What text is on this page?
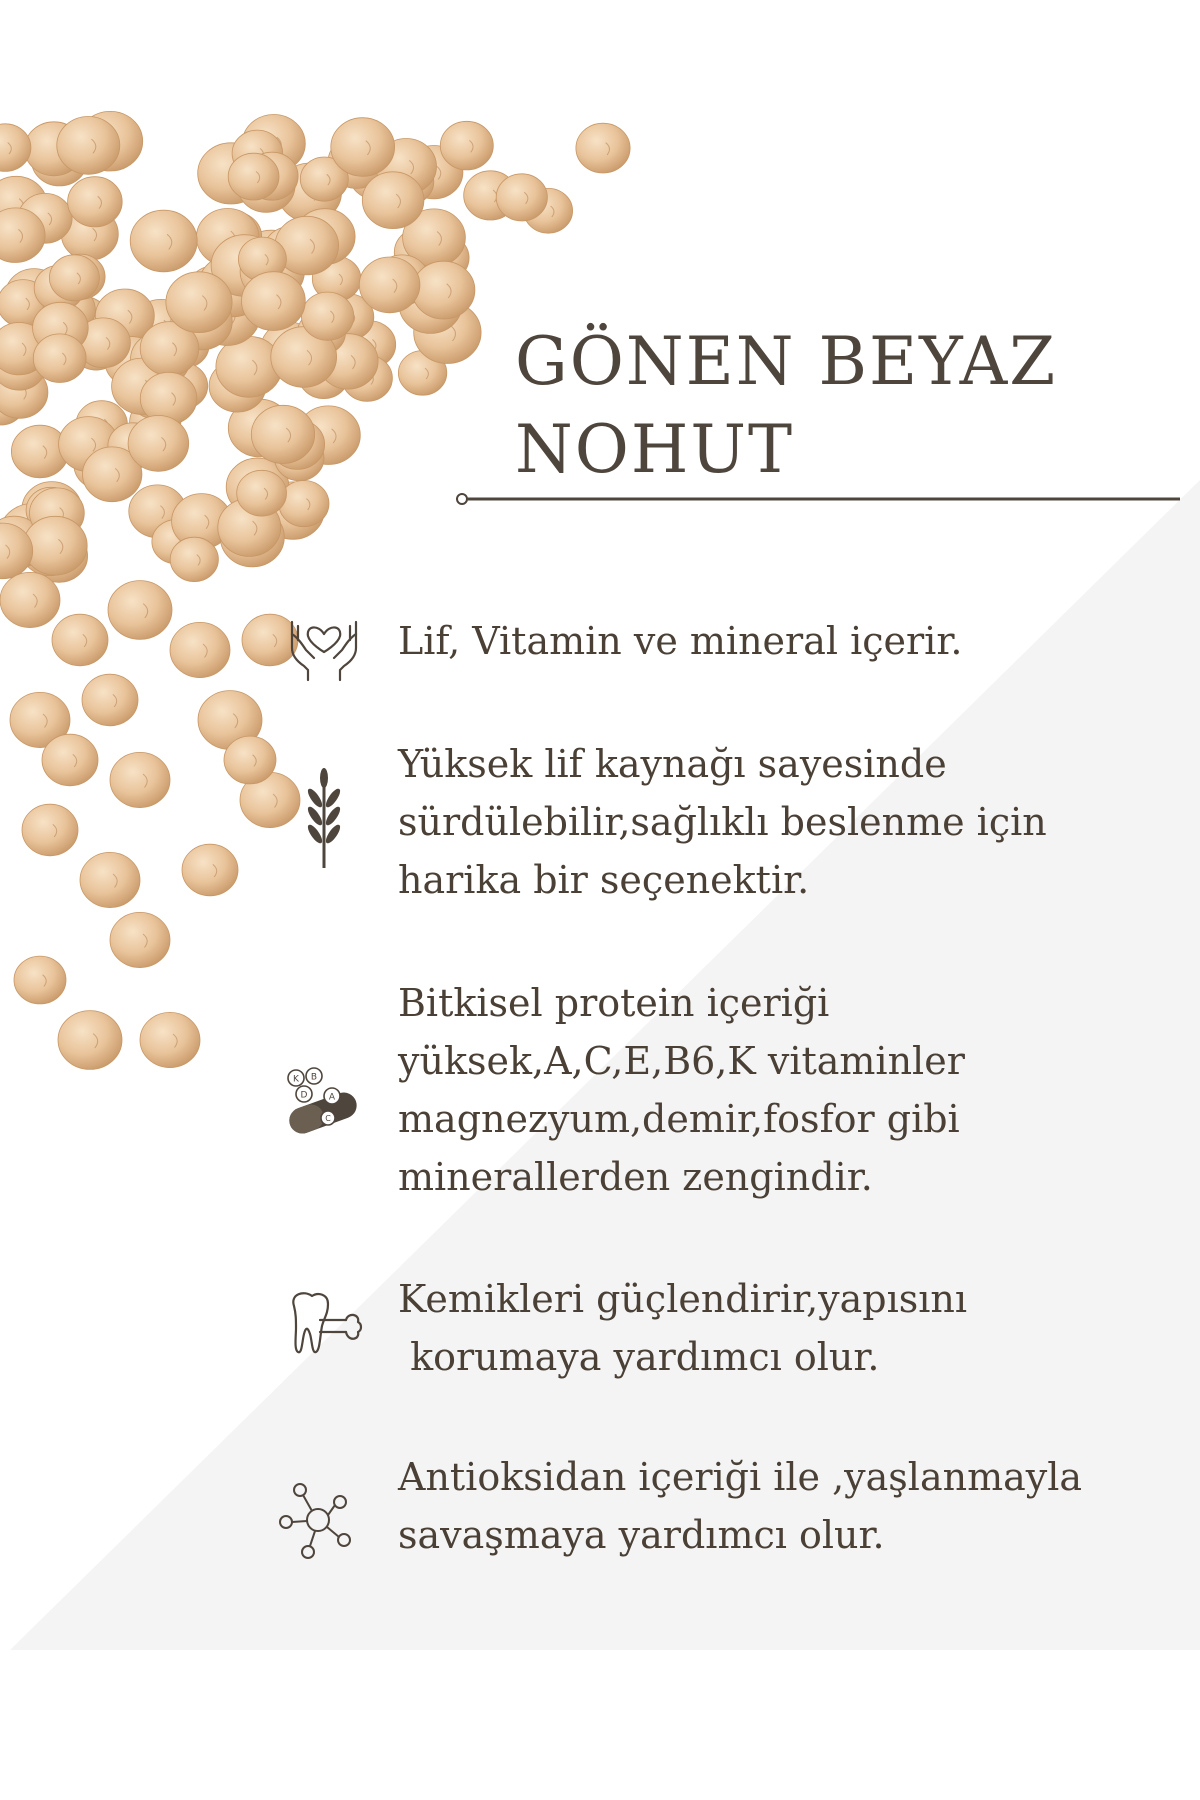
GÖNEN BEYAZ
NOHUT
Lif, Vitamin ve mineral içerir.
Yüksek lif kaynağı sayesinde
sürdülebilir,sağlıklı beslenme için
harika bir seçenektir.
K B
D A
C
Bitkisel protein içeriği
yüksek,A,C,E,B6,K vitaminler
magnezyum,demir,fosfor gibi
minerallerden zengindir.
Kemikleri güçlendirir,yapısını
korumaya yardımcı olur.
Antioksidan içeriği ile ,yaşlanmayla
savaşmaya yardımcı olur.
